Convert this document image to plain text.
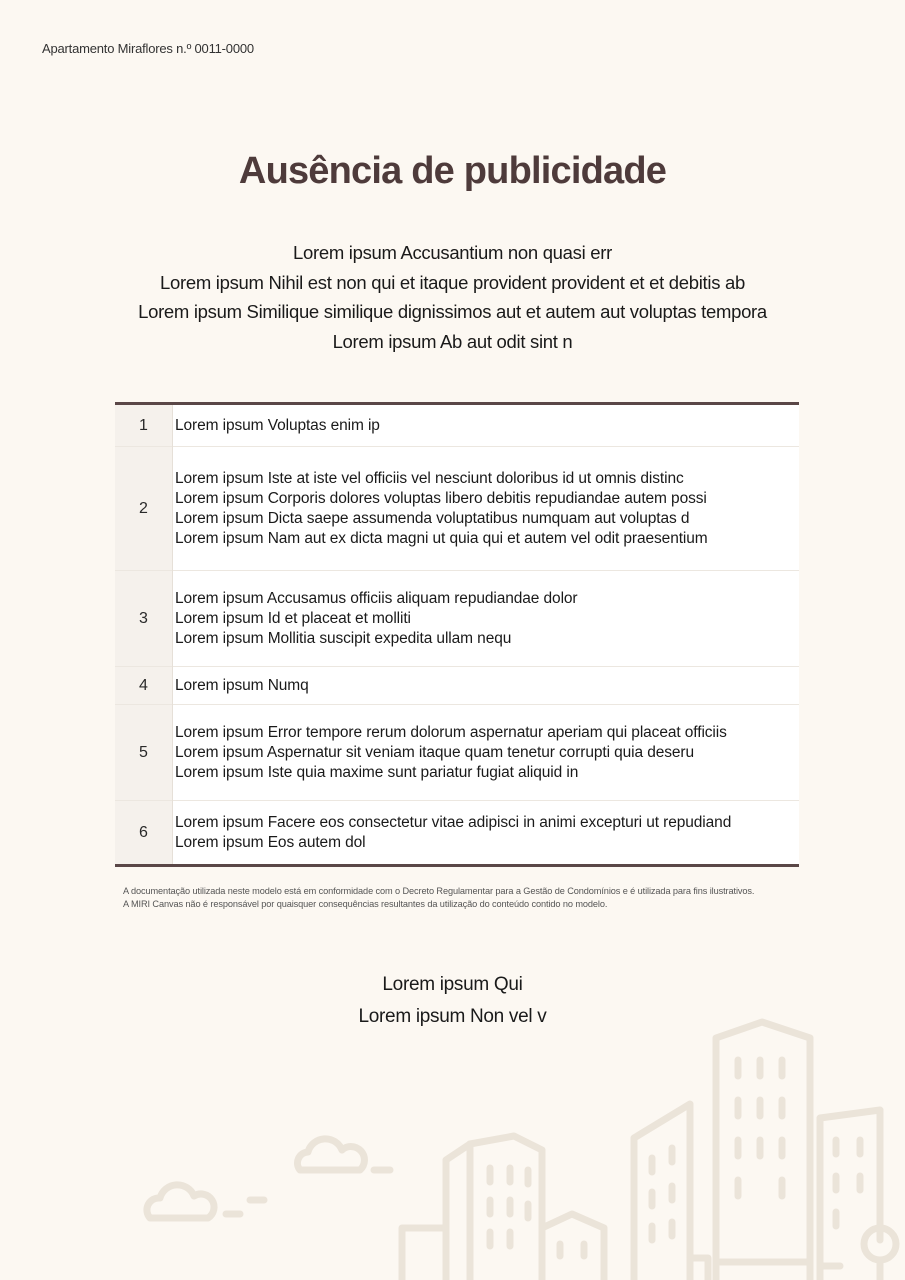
Apartamento Miraflores n.º 0011-0000
Ausência de publicidade
Lorem ipsum Accusantium non quasi err
Lorem ipsum Nihil est non qui et itaque provident provident et et debitis ab
Lorem ipsum Similique similique dignissimos aut et autem aut voluptas tempora
Lorem ipsum Ab aut odit sint n
1	Lorem ipsum Voluptas enim ip

2	Lorem ipsum Iste at iste vel officiis vel nesciunt doloribus id ut omnis distinc
Lorem ipsum Corporis dolores voluptas libero debitis repudiandae autem possi
Lorem ipsum Dicta saepe assumenda voluptatibus numquam aut voluptas d
Lorem ipsum Nam aut ex dicta magni ut quia qui et autem vel odit praesentium

3	Lorem ipsum Accusamus officiis aliquam repudiandae dolor
Lorem ipsum Id et placeat et molliti
Lorem ipsum Mollitia suscipit expedita ullam nequ

4	Lorem ipsum Numq

5	Lorem ipsum Error tempore rerum dolorum aspernatur aperiam qui placeat officiis
Lorem ipsum Aspernatur sit veniam itaque quam tenetur corrupti quia deseru
Lorem ipsum Iste quia maxime sunt pariatur fugiat aliquid in

6	Lorem ipsum Facere eos consectetur vitae adipisci in animi excepturi ut repudiand
Lorem ipsum Eos autem dol
A documentação utilizada neste modelo está em conformidade com o Decreto Regulamentar para a Gestão de Condomínios e é utilizada para fins ilustrativos.
A MIRI Canvas não é responsável por quaisquer consequências resultantes da utilização do conteúdo contido no modelo.
Lorem ipsum Qui
Lorem ipsum Non vel v
